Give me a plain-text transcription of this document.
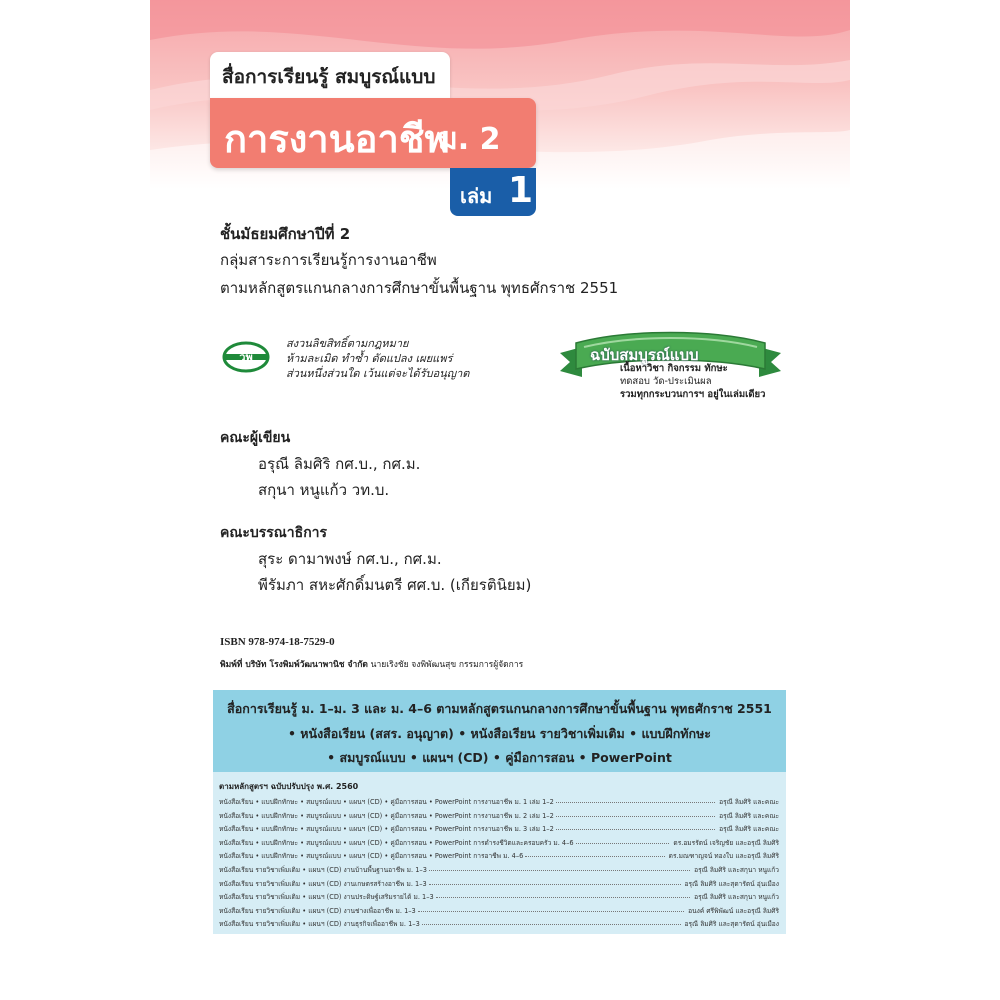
สื่อการเรียนรู้ สมบูรณ์แบบ
การงานอาชีพ
ม. 2
เล่ม 1
ชั้นมัธยมศึกษาปีที่ 2
กลุ่มสาระการเรียนรู้การงานอาชีพ
ตามหลักสูตรแกนกลางการศึกษาขั้นพื้นฐาน พุทธศักราช 2551
วพ
สงวนลิขสิทธิ์ตามกฎหมาย
ห้ามละเมิด ทำซ้ำ ดัดแปลง เผยแพร่
ส่วนหนึ่งส่วนใด เว้นแต่จะได้รับอนุญาต
ฉบับสมบูรณ์แบบ
เนื้อหาวิชา กิจกรรม ทักษะ
ทดสอบ วัด-ประเมินผล
รวมทุกกระบวนการฯ อยู่ในเล่มเดียว
คณะผู้เขียน
อรุณี ลิมศิริ กศ.บ., กศ.ม.
สกุนา หนูแก้ว วท.บ.
คณะบรรณาธิการ
สุระ ดามาพงษ์ กศ.บ., กศ.ม.
พีรัมภา สหะศักดิ์มนตรี ศศ.บ. (เกียรตินิยม)
ISBN 978-974-18-7529-0
พิมพ์ที่ บริษัท โรงพิมพ์วัฒนาพานิช จำกัด นายเริงชัย จงพิพัฒนสุข กรรมการผู้จัดการ
สื่อการเรียนรู้ ม. 1–ม. 3 และ ม. 4–6 ตามหลักสูตรแกนกลางการศึกษาขั้นพื้นฐาน พุทธศักราช 2551
• หนังสือเรียน (สสร. อนุญาต) • หนังสือเรียน รายวิชาเพิ่มเติม • แบบฝึกทักษะ
• สมบูรณ์แบบ • แผนฯ (CD) • คู่มือการสอน • PowerPoint
ตามหลักสูตรฯ ฉบับปรับปรุง พ.ศ. 2560
หนังสือเรียน • แบบฝึกทักษะ • สมบูรณ์แบบ • แผนฯ (CD) • คู่มือการสอน • PowerPoint การงานอาชีพ ม. 1 เล่ม 1–2	อรุณี ลิมศิริ และคณะ
หนังสือเรียน • แบบฝึกทักษะ • สมบูรณ์แบบ • แผนฯ (CD) • คู่มือการสอน • PowerPoint การงานอาชีพ ม. 2 เล่ม 1–2	อรุณี ลิมศิริ และคณะ
หนังสือเรียน • แบบฝึกทักษะ • สมบูรณ์แบบ • แผนฯ (CD) • คู่มือการสอน • PowerPoint การงานอาชีพ ม. 3 เล่ม 1–2	อรุณี ลิมศิริ และคณะ
หนังสือเรียน • แบบฝึกทักษะ • สมบูรณ์แบบ • แผนฯ (CD) • คู่มือการสอน • PowerPoint การดำรงชีวิตและครอบครัว ม. 4–6	ดร.อมรรัตน์ เจริญชัย และอรุณี ลิมศิริ
หนังสือเรียน • แบบฝึกทักษะ • สมบูรณ์แบบ • แผนฯ (CD) • คู่มือการสอน • PowerPoint การอาชีพ ม. 4–6	ดร.มณฑาญจน์ ทองใบ และอรุณี ลิมศิริ
หนังสือเรียน รายวิชาเพิ่มเติม • แผนฯ (CD) งานบ้านพื้นฐานอาชีพ ม. 1–3	อรุณี ลิมศิริ และสกุนา หนูแก้ว
หนังสือเรียน รายวิชาเพิ่มเติม • แผนฯ (CD) งานเกษตรสร้างอาชีพ ม. 1–3	อรุณี ลิมศิริ และสุดารัตน์ อุ่นเมือง
หนังสือเรียน รายวิชาเพิ่มเติม • แผนฯ (CD) งานประดิษฐ์เสริมรายได้ ม. 1–3	อรุณี ลิมศิริ และสกุนา หนูแก้ว
หนังสือเรียน รายวิชาเพิ่มเติม • แผนฯ (CD) งานช่างเพื่ออาชีพ ม. 1–3	อนงค์ ศรีพิพัฒน์ และอรุณี ลิมศิริ
หนังสือเรียน รายวิชาเพิ่มเติม • แผนฯ (CD) งานธุรกิจเพื่ออาชีพ ม. 1–3	อรุณี ลิมศิริ และสุดารัตน์ อุ่นเมือง
